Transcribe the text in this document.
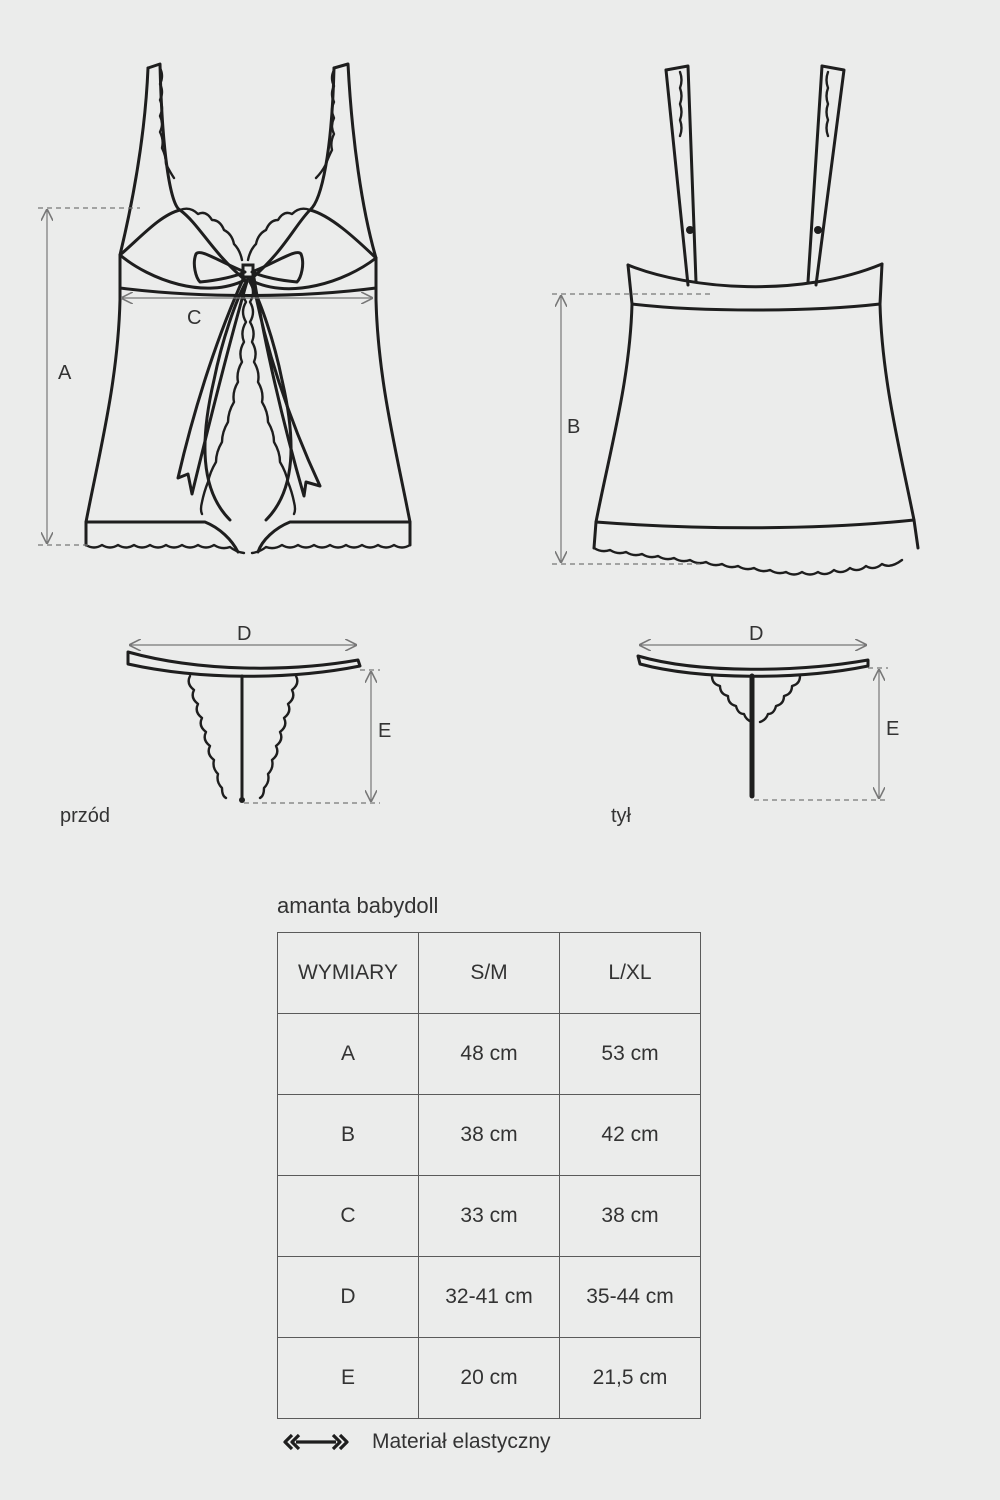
A
C
B
D
E
D
E
przód	tył
amanta babydoll
WYMIARY	S/M	L/XL
A	48 cm	53 cm
B	38 cm	42 cm
C	33 cm	38 cm
D	32-41 cm	35-44 cm
E	20 cm	21,5 cm
Materiał elastyczny
